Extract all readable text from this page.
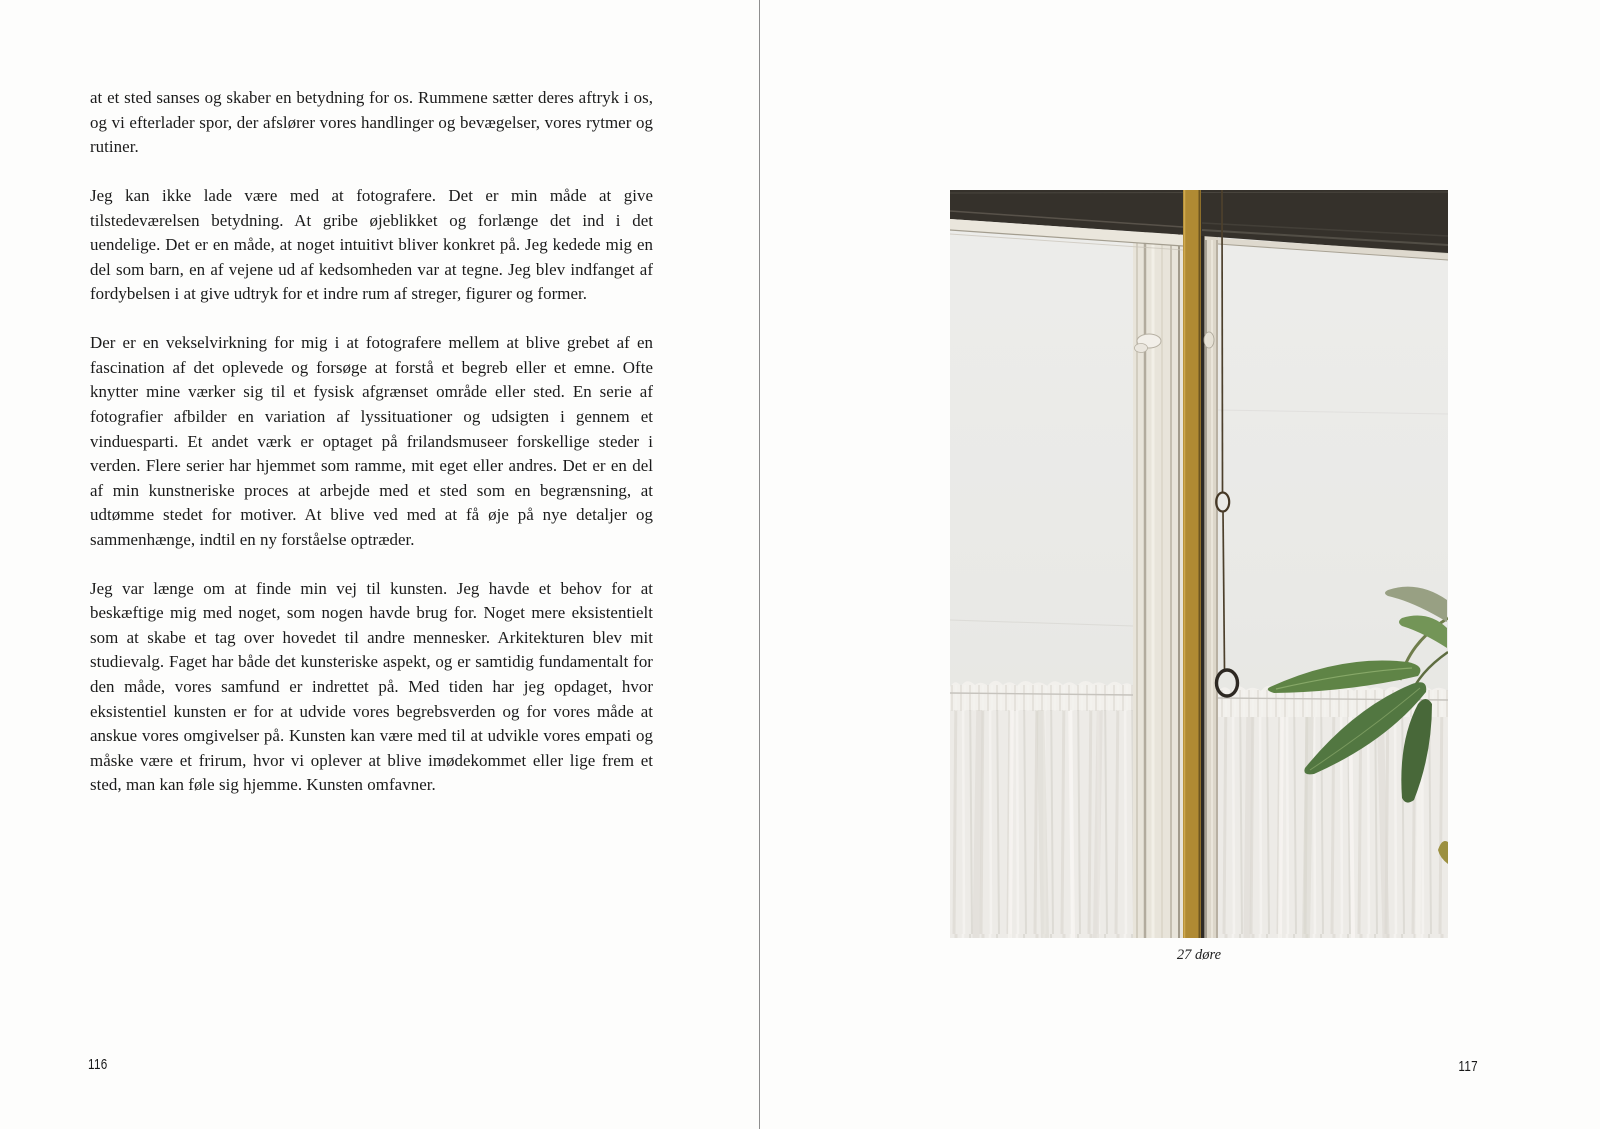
at et sted sanses og skaber en betydning for os. Rummene sætter deres aftryk i os, og vi efterlader spor, der afslører vores handlinger og bevægelser, vores rytmer og rutiner.

Jeg kan ikke lade være med at fotografere. Det er min måde at give tilstedeværelsen betydning. At gribe øjeblikket og forlænge det ind i det uendelige. Det er en måde, at noget intuitivt bliver konkret på. Jeg kedede mig en del som barn, en af vejene ud af kedsomheden var at tegne. Jeg blev indfanget af fordybelsen i at give udtryk for et indre rum af streger, figurer og former.

Der er en vekselvirkning for mig i at fotografere mellem at blive grebet af en fascination af det oplevede og forsøge at forstå et begreb eller et emne. Ofte knytter mine værker sig til et fysisk afgrænset område eller sted. En serie af fotografier afbilder en variation af lyssituationer og udsigten i gennem et vinduesparti. Et andet værk er optaget på frilandsmuseer forskellige steder i verden. Flere serier har hjemmet som ramme, mit eget eller andres. Det er en del af min kunstneriske proces at arbejde med et sted som en begrænsning, at udtømme stedet for motiver. At blive ved med at få øje på nye detaljer og sammenhænge, indtil en ny forståelse optræder.

Jeg var længe om at finde min vej til kunsten. Jeg havde et behov for at beskæftige mig med noget, som nogen havde brug for. Noget mere eksistentielt som at skabe et tag over hovedet til andre mennesker. Arkitekturen blev mit studievalg. Faget har både det kunsteriske aspekt, og er samtidig fundamentalt for den måde, vores samfund er indrettet på. Med tiden har jeg opdaget, hvor eksistentiel kunsten er for at udvide vores begrebsverden og for vores måde at anskue vores omgivelser på. Kunsten kan være med til at udvikle vores empati og måske være et frirum, hvor vi oplever at blive imødekommet eller lige frem et sted, man kan føle sig hjemme. Kunsten omfavner.

116
27 døre
117
